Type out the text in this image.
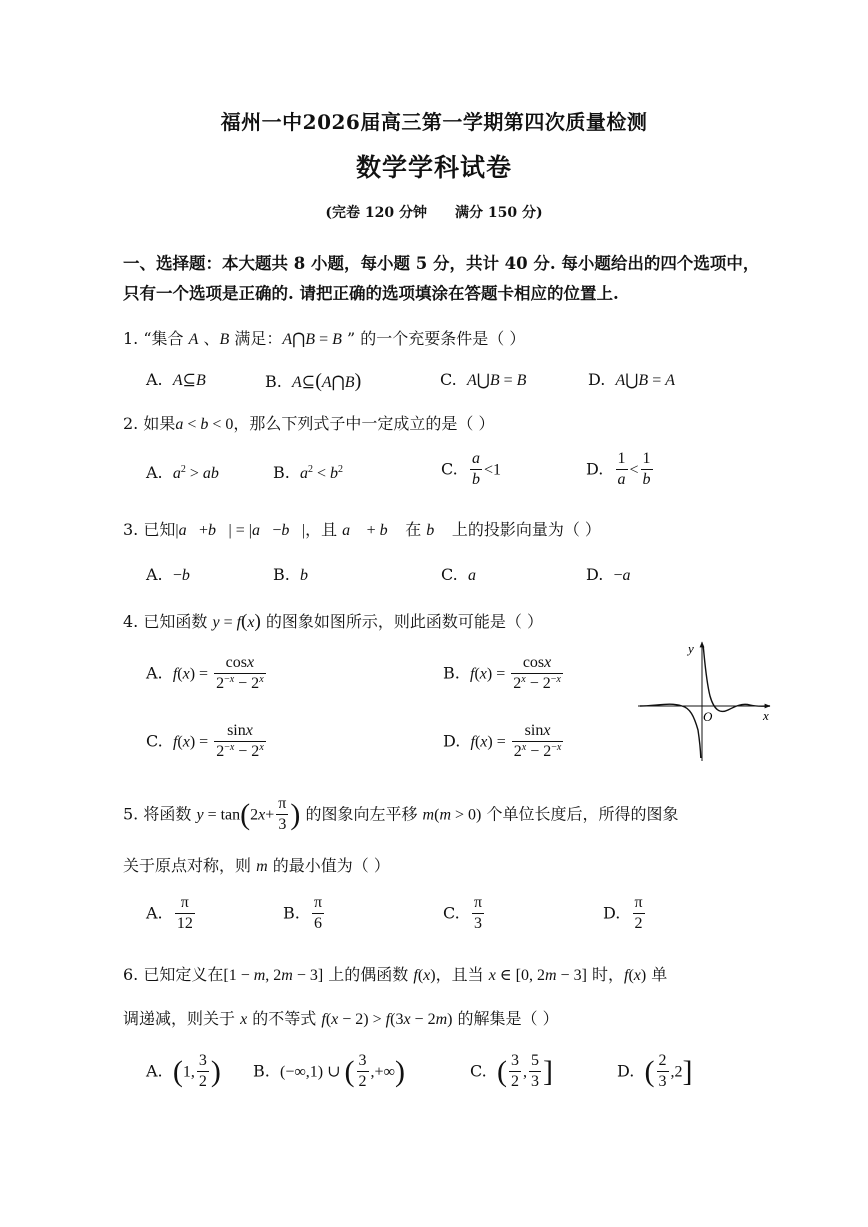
福州一中2026届高三第一学期第四次质量检测
数学学科试卷
(完卷 120 分钟 满分 150 分)
一、选择题：本大题共 8 小题，每小题 5 分，共计 40 分. 每小题给出的四个选项中，
只有一个选项是正确的. 请把正确的选项填涂在答题卡相应的位置上.
1. “集合 A 、B 满足：A⋂B = B ” 的一个充要条件是（ ）
A.  A⊆B	B.  A⊆(A⋂B)	C.  A⋃B = B	D.  A⋃B = A
2. 如果a < b < 0，那么下列式子中一定成立的是（ ）
A.  $a^2$ > ab	B.  $a^2 < b^2$	C. $\frac{a}{b} <1$	D. $\frac{1}{a} < \frac{1}{b}$
3. 已知|a⃗+b⃗| = |a⃗−b⃗|，且 a⃗ + b⃗ 在 b⃗ 上的投影向量为（ ）
A.  −b⃗	B.  b⃗	C.  a⃗	D.  −a⃗
4. 已知函数 y = f(x) 的图象如图所示，则此函数可能是（ ）
A.  $f(x) = \frac{\cos x}{2^{-x} - 2^x}$	B.  $f(x) = \frac{\cos x}{2^x - 2^{-x}}$
C.  $f(x) = \frac{\sin x}{2^{-x} - 2^x}$	D.  $f(x) = \frac{\sin x}{2^x - 2^{-x}}$
y
x
O
5. 将函数 $y = \tan(2x+ \frac{\pi}{3}$ ) 的图象向左平移 m(m > 0) 个单位长度后，所得的图象
关于原点对称，则 m 的最小值为（ ）
A. $\frac{\pi}{12}$	B. $\frac{\pi}{6}$	C. $\frac{\pi}{3}$	D. $\frac{\pi}{2}$
6. 已知定义在[1 − m, 2m − 3] 上的偶函数 f(x)，且当 x ∈ [0, 2m − 3] 时，f(x) 单
调递减，则关于 x 的不等式 f(x − 2) > f(3x − 2m) 的解集是（ ）
A.  (1, $\frac{3}{2}$ ) B.  (−∞,1) ∪ ( $\frac{3}{2}$ ,+∞)	C.  ( $\frac{3}{2}$ , $\frac{5}{3}$ ]	D.  ( $\frac{2}{3} ,2$]
